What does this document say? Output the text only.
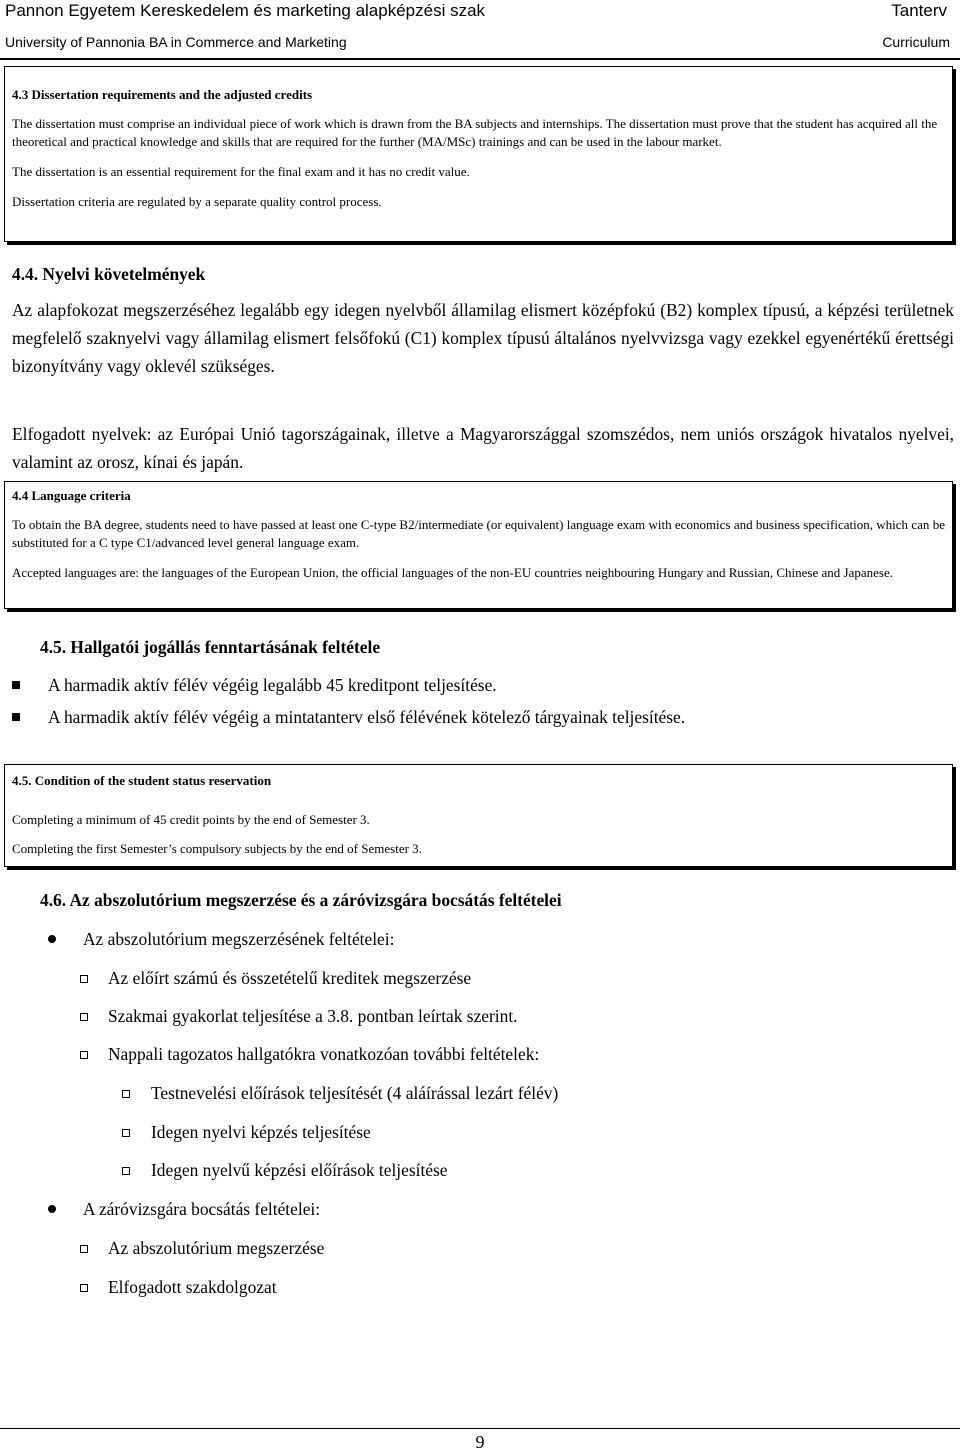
Pannon Egyetem Kereskedelem és marketing alapképzési szak	Tanterv
University of Pannonia BA in Commerce and Marketing	Curriculum

4.3 Dissertation requirements and the adjusted credits

The dissertation must comprise an individual piece of work which is drawn from the BA subjects and internships. The dissertation must prove that the student has acquired all the theoretical and practical knowledge and skills that are required for the further (MA/MSc) trainings and can be used in the labour market.

The dissertation is an essential requirement for the final exam and it has no credit value.

Dissertation criteria are regulated by a separate quality control process.

4.4. Nyelvi követelmények
Az alapfokozat megszerzéséhez legalább egy idegen nyelvből államilag elismert középfokú (B2) komplex típusú, a képzési területnek megfelelő szaknyelvi vagy államilag elismert felsőfokú (C1) komplex típusú általános nyelvvizsga vagy ezekkel egyenértékű érettségi bizonyítvány vagy oklevél szükséges.
Elfogadott nyelvek: az Európai Unió tagországainak, illetve a Magyarországgal szomszédos, nem uniós országok hivatalos nyelvei, valamint az orosz, kínai és japán.

4.4 Language criteria

To obtain the BA degree, students need to have passed at least one C-type B2/intermediate (or equivalent) language exam with economics and business specification, which can be substituted for a C type C1/advanced level general language exam.

Accepted languages are: the languages of the European Union, the official languages of the non-EU countries neighbouring Hungary and Russian, Chinese and Japanese.

4.5. Hallgatói jogállás fenntartásának feltétele
A harmadik aktív félév végéig legalább 45 kreditpont teljesítése.
A harmadik aktív félév végéig a mintatanterv első félévének kötelező tárgyainak teljesítése.

4.5. Condition of the student status reservation

Completing a minimum of 45 credit points by the end of Semester 3.

Completing the first Semester’s compulsory subjects by the end of Semester 3.

4.6. Az abszolutórium megszerzése és a záróvizsgára bocsátás feltételei
Az abszolutórium megszerzésének feltételei:
Az előírt számú és összetételű kreditek megszerzése
Szakmai gyakorlat teljesítése a 3.8. pontban leírtak szerint.
Nappali tagozatos hallgatókra vonatkozóan további feltételek:
Testnevelési előírások teljesítését (4 aláírással lezárt félév)
Idegen nyelvi képzés teljesítése
Idegen nyelvű képzési előírások teljesítése
A záróvizsgára bocsátás feltételei:
Az abszolutórium megszerzése
Elfogadott szakdolgozat
9
